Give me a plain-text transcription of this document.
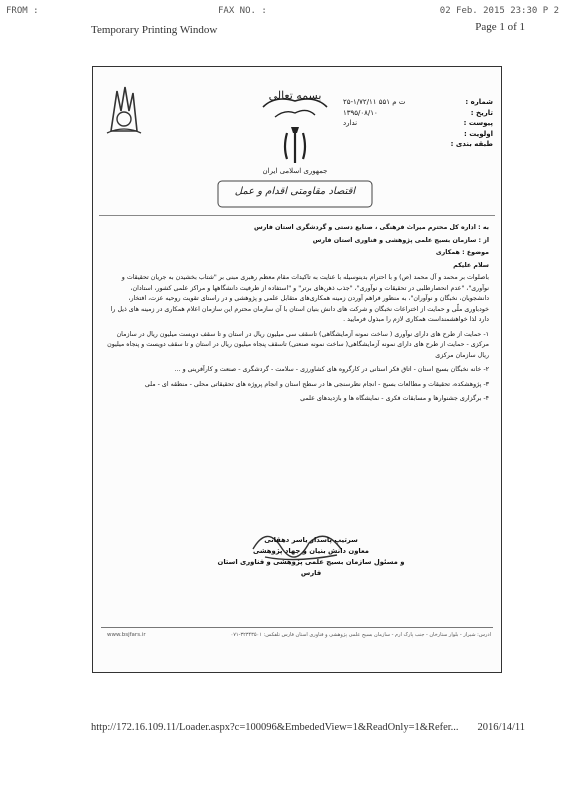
FROM :	FAX NO. :	02 Feb. 2015 23:30 P 2
Temporary Printing Window	Page 1 of 1
بسمه تعالی
جمهوری اسلامی ایران
اقتصاد مقاومتی اقدام و عمل
شماره :
۲۵-۱/۷۲/۱۱ ۵۵۱ ت م
تاریخ :
۱۳۹۵/۰۸/۱۰
پیوست :
ندارد
اولویت :
طبقه بندی :

به : اداره کل محترم میراث فرهنگی ، صنایع دستی و گردشگری استان فارس

از : سازمان بسیج علمی پژوهشی و فناوری استان فارس

موضوع : همکاری

سلام علیکم

باصلوات بر محمد و آل محمد (ص) و با احترام بدینوسیله با عنایت به تاکیدات مقام معظم رهبری مبنی بر "شتاب بخشیدن به جریان تحقیقات و نوآوری"، "عدم انحصارطلبی در تحقیقات و نوآوری"، "جذب ذهن‌های برتر" و "استفاده از ظرفیت دانشگاهها و مراکز علمی کشور، استادان، دانشجویان، نخبگان و نوآوران"، به منظور فراهم آوردن زمینه همکاری‌های متقابل علمی و پژوهشی و در راستای تقویت روحیه عزت، افتخار، خودباوری ملّی و حمایت از اختراعات نخبگان و شرکت های دانش بنیان استان با آن سازمان محترم این سازمان اعلام همکاری در زمینه های ذیل را دارد لذا خواهشمنداست همکاری لازم را مبذول فرمایید .

۱- حمایت از طرح های دارای نوآوری ( ساخت نمونه آزمایشگاهی) تاسقف سی میلیون ریال در استان و تا سقف دویست میلیون ریال در سازمان مرکزی - حمایت از طرح های دارای نمونه آزمایشگاهی( ساخت نمونه صنعتی) تاسقف پنجاه میلیون ریال در استان و تا سقف دویست و پنجاه میلیون ریال سازمان مرکزی

۲- خانه نخبگان بسیج استان - اتاق فکر استانی در کارگروه های کشاورزی - سلامت - گردشگری - صنعت و کارآفرینی و ...

۳- پژوهشکده، تحقیقات و مطالعات بسیج - انجام نظرسنجی ها در سطح استان و انجام پروژه های تحقیقاتی محلی - منطقه ای - ملی

۴- برگزاری جشنوارها و مسابقات فکری - نمایشگاه ها و بازدیدهای علمی

سرتیپ پاسدار یاسر دهقانی
معاون دانش بنیان و جهاد پژوهشی
و مسئول سازمان بسیج علمی پژوهشی و فناوری استان فارس
www.bsjfars.ir	آدرس: شیراز - بلوار ستارخان - جنب پارک ارم - سازمان بسیج علمی پژوهشی و فناوری استان فارس تلفکس: ۳۲۳۴۳۵۰۱-۰۷۱
http://172.16.109.11/Loader.aspx?c=100096&EmbededView=1&ReadOnly=1&Refer... 2016/14/11
